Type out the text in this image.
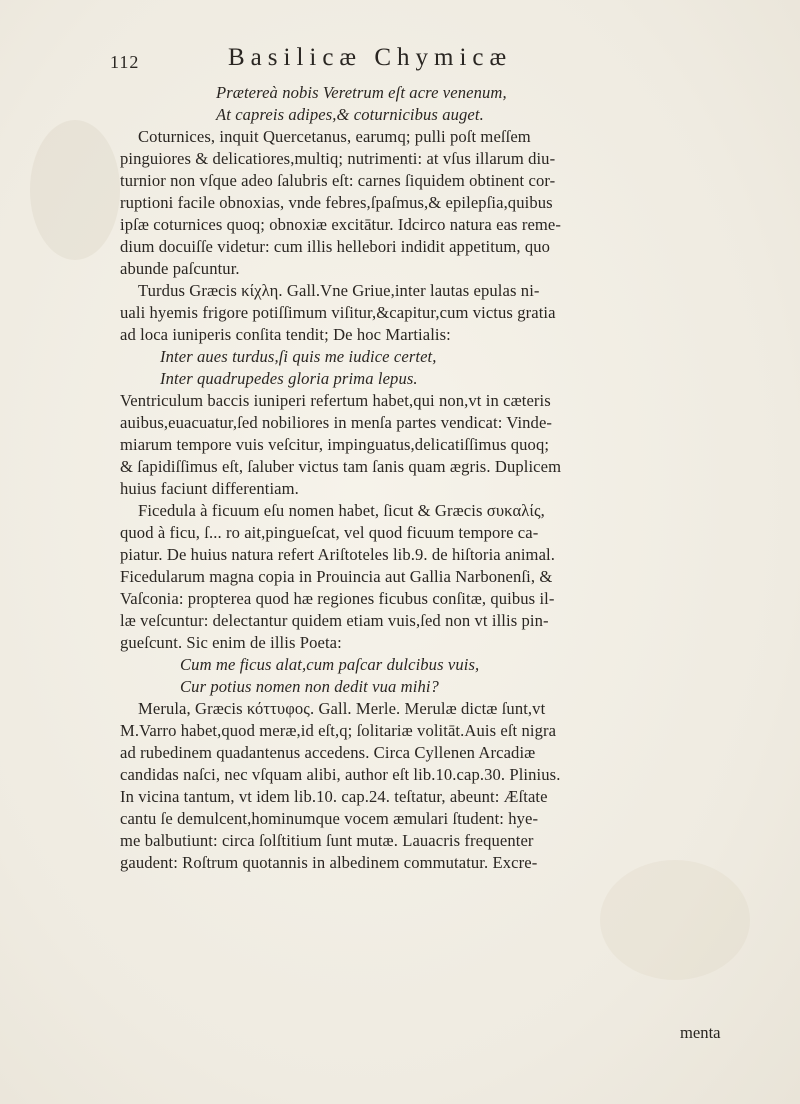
112	Basilicæ Chymicæ
Prætereà nobis Veretrum eſt acre venenum,
At capreis adipes,& coturnicibus auget.
Coturnices, inquit Quercetanus, earumq; pulli poſt meſſem
pinguiores & delicatiores,multiq; nutrimenti: at vſus illarum diu-
turnior non vſque adeo ſalubris eſt: carnes ſiquidem obtinent cor-
ruptioni facile obnoxias, vnde febres,ſpaſmus,& epilepſia,quibus
ipſæ coturnices quoq; obnoxiæ excitātur. Idcirco natura eas reme-
dium docuiſſe videtur: cum illis hellebori indidit appetitum, quo
abunde paſcuntur.
Turdus Græcis κίχλη. Gall.Vne Griue,inter lautas epulas ni-
uali hyemis frigore potiſſimum viſitur,&capitur,cum victus gratia
ad loca iuniperis conſita tendit; De hoc Martialis:
Inter aues turdus,ſi quis me iudice certet,
Inter quadrupedes gloria prima lepus.
Ventriculum baccis iuniperi refertum habet,qui non,vt in cæteris
auibus,euacuatur,ſed nobiliores in menſa partes vendicat: Vinde-
miarum tempore vuis veſcitur, impinguatus,delicatiſſimus quoq;
& ſapidiſſimus eſt, ſaluber victus tam ſanis quam ægris. Duplicem
huius faciunt differentiam.
Ficedula à ficuum eſu nomen habet, ſicut & Græcis συκαλίς,
quod à ficu, ſ... ro ait,pingueſcat, vel quod ficuum tempore ca-
piatur. De huius natura refert Ariſtoteles lib.9. de hiſtoria animal.
Ficedularum magna copia in Prouincia aut Gallia Narbonenſi, &
Vaſconia: propterea quod hæ regiones ficubus conſitæ, quibus il-
læ veſcuntur: delectantur quidem etiam vuis,ſed non vt illis pin-
gueſcunt. Sic enim de illis Poeta:
Cum me ficus alat,cum paſcar dulcibus vuis,
Cur potius nomen non dedit vua mihi?
Merula, Græcis κόττυφος. Gall. Merle. Merulæ dictæ ſunt,vt
M.Varro habet,quod meræ,id eſt,q; ſolitariæ volitāt.Auis eſt nigra
ad rubedinem quadantenus accedens. Circa Cyllenen Arcadiæ
candidas naſci, nec vſquam alibi, author eſt lib.10.cap.30. Plinius.
In vicina tantum, vt idem lib.10. cap.24. teſtatur, abeunt: Æſtate
cantu ſe demulcent,hominumque vocem æmulari ſtudent: hye-
me balbutiunt: circa ſolſtitium ſunt mutæ. Lauacris frequenter
gaudent: Roſtrum quotannis in albedinem commutatur. Excre-
menta
